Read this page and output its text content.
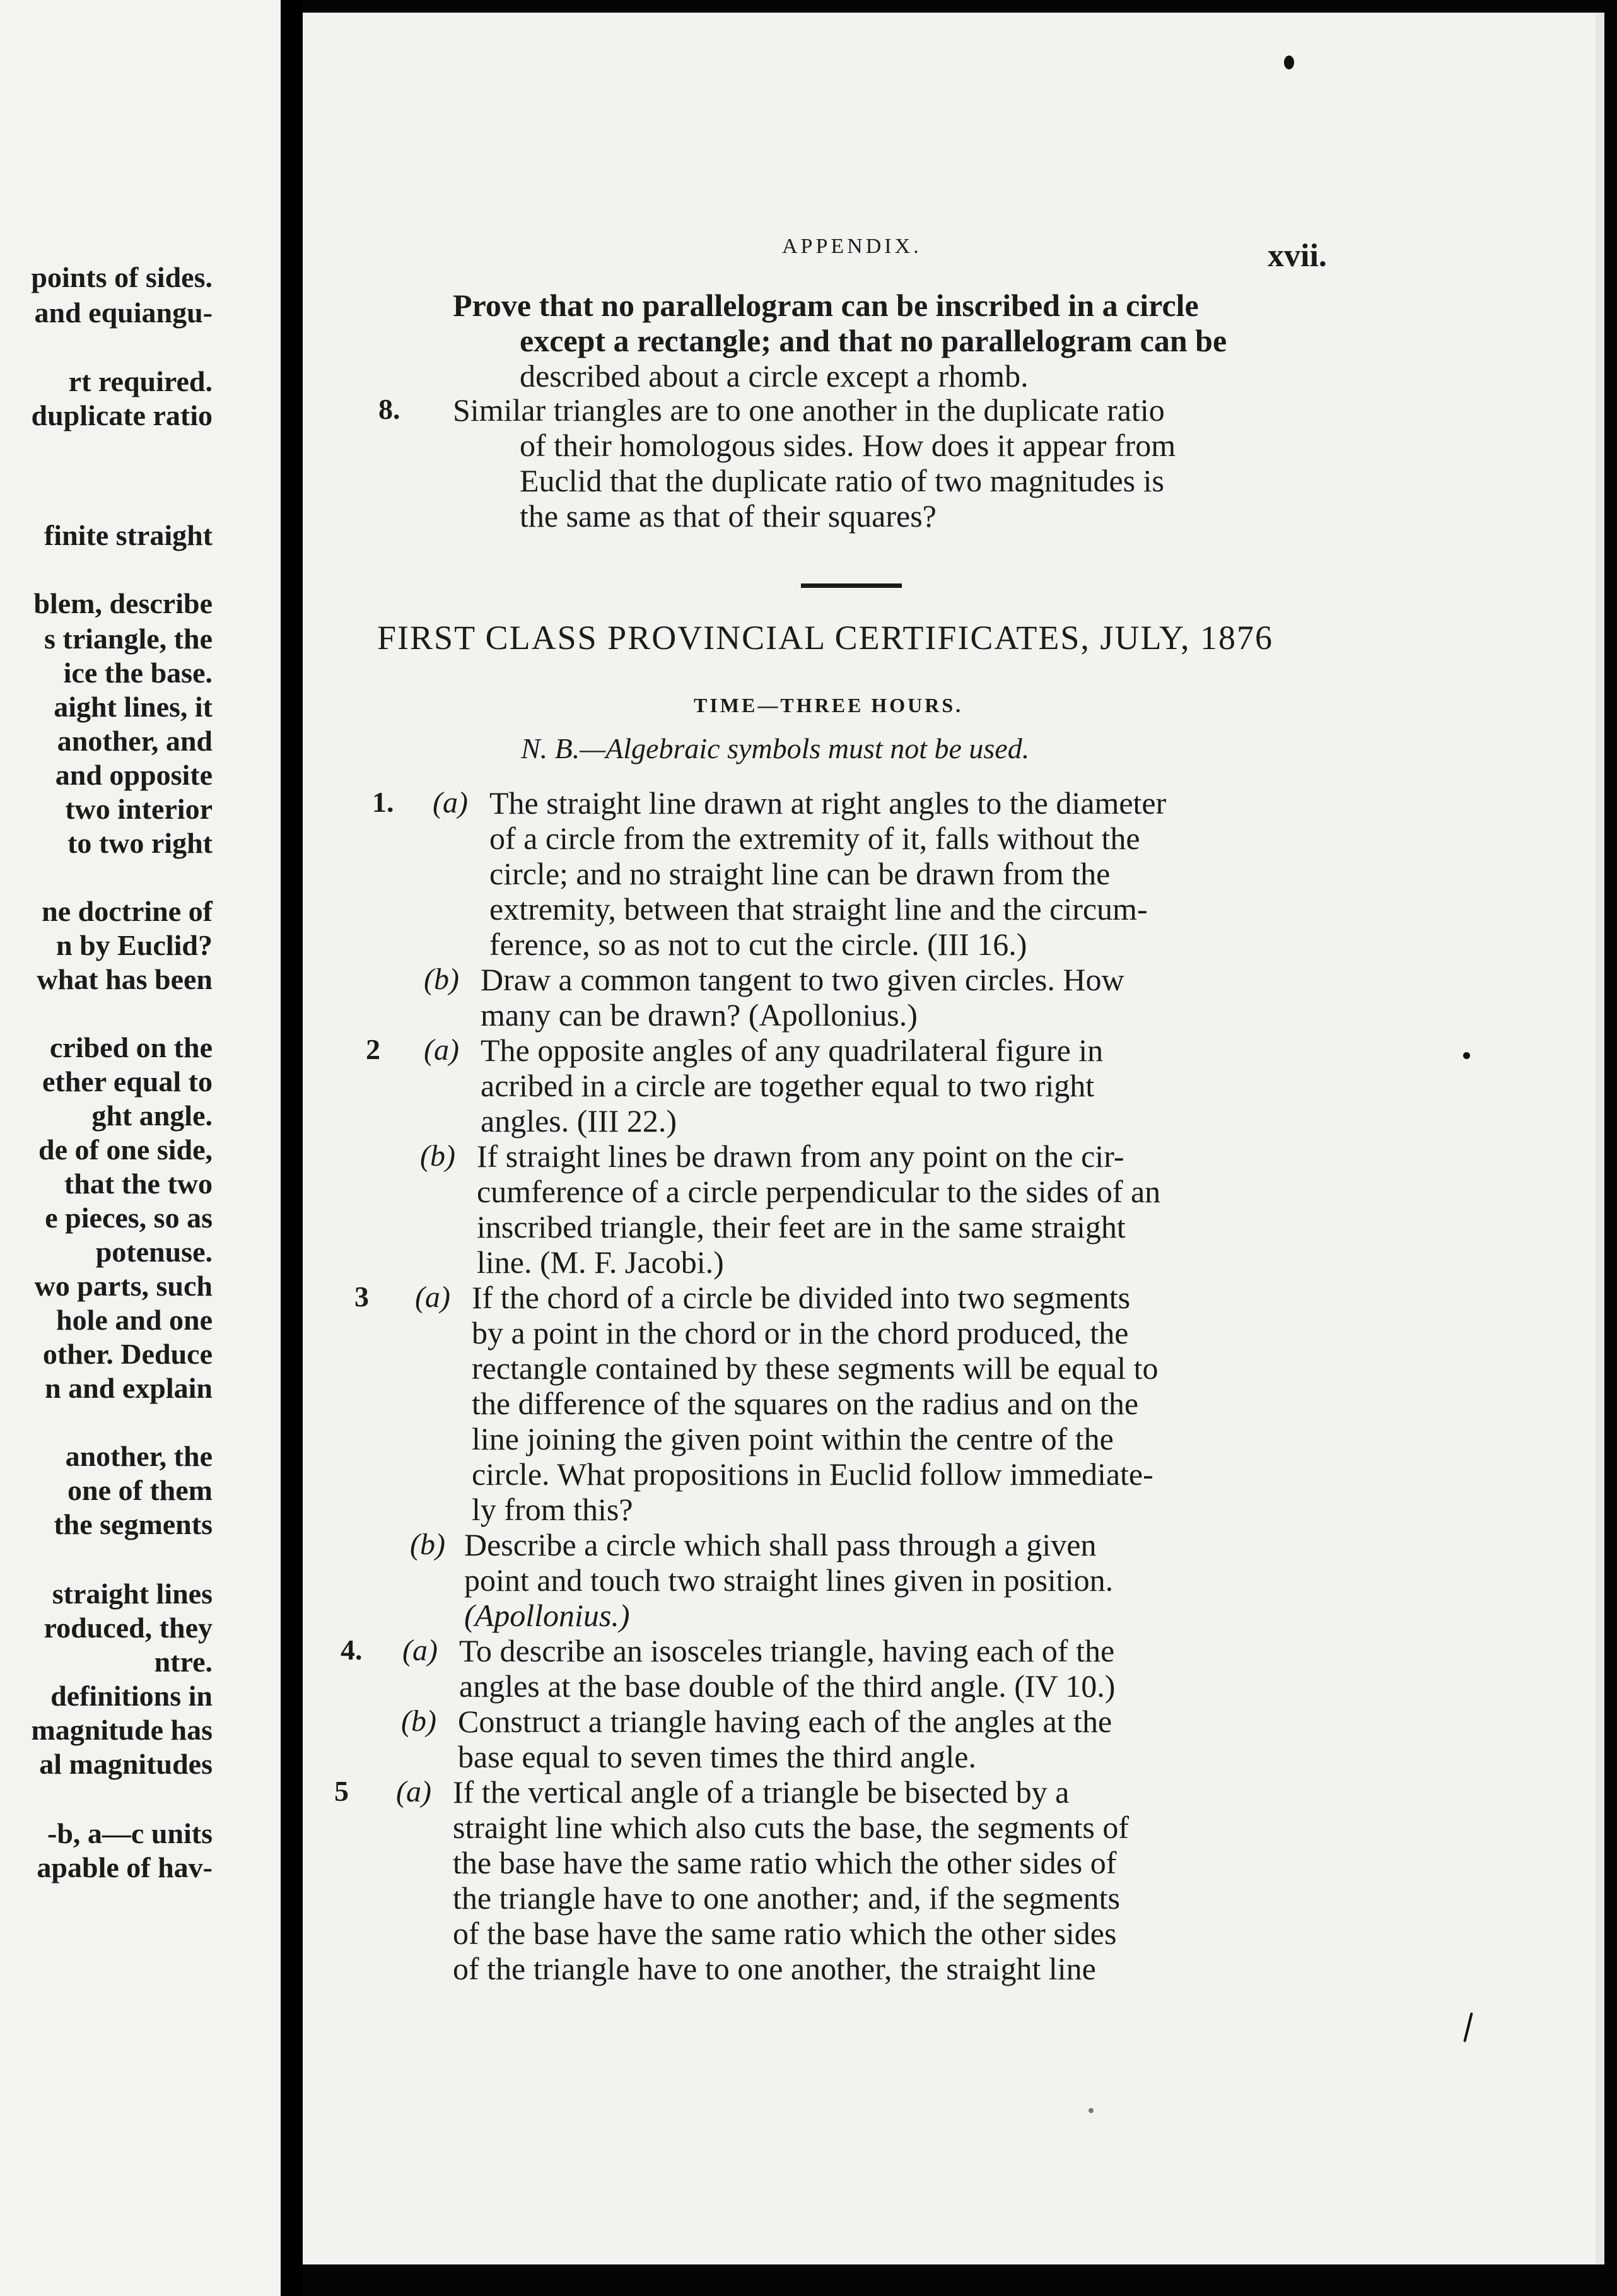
points of sides.
and equiangu-
rt required.
duplicate ratio
finite straight
blem, describe
s triangle, the
ice the base.
aight lines, it
another, and
and opposite
two interior
to two right
ne doctrine of
n by Euclid?
what has been
cribed on the
ether equal to
ght angle.
de of one side,
that the two
e pieces, so as
potenuse.
wo parts, such
hole and one
other. Deduce
n and explain
another, the
one of them
the segments
straight lines
roduced, they
ntre.
definitions in
magnitude has
al magnitudes
-b, a—c units
apable of hav-
APPENDIX.	xvii.
Prove that no parallelogram can be inscribed in a circle
except a rectangle; and that no parallelogram can be
described about a circle except a rhomb.
8. Similar triangles are to one another in the duplicate ratio
of their homologous sides. How does it appear from
Euclid that the duplicate ratio of two magnitudes is
the same as that of their squares?
FIRST CLASS PROVINCIAL CERTIFICATES, JULY, 1876
TIME—THREE HOURS.
N. B.—Algebraic symbols must not be used.
1. (a) The straight line drawn at right angles to the diameter
of a circle from the extremity of it, falls without the
circle; and no straight line can be drawn from the
extremity, between that straight line and the circum-
ference, so as not to cut the circle. (III 16.)
(b) Draw a common tangent to two given circles. How
many can be drawn? (Apollonius.)
2 (a) The opposite angles of any quadrilateral figure in
acribed in a circle are together equal to two right
angles. (III 22.)
(b) If straight lines be drawn from any point on the cir-
cumference of a circle perpendicular to the sides of an
inscribed triangle, their feet are in the same straight
line. (M. F. Jacobi.)
3 (a) If the chord of a circle be divided into two segments
by a point in the chord or in the chord produced, the
rectangle contained by these segments will be equal to
the difference of the squares on the radius and on the
line joining the given point within the centre of the
circle. What propositions in Euclid follow immediate-
ly from this?
(b) Describe a circle which shall pass through a given
point and touch two straight lines given in position.
(Apollonius.)
4. (a) To describe an isosceles triangle, having each of the
angles at the base double of the third angle. (IV 10.)
(b) Construct a triangle having each of the angles at the
base equal to seven times the third angle.
5 (a) If the vertical angle of a triangle be bisected by a
straight line which also cuts the base, the segments of
the base have the same ratio which the other sides of
the triangle have to one another; and, if the segments
of the base have the same ratio which the other sides
of the triangle have to one another, the straight line
